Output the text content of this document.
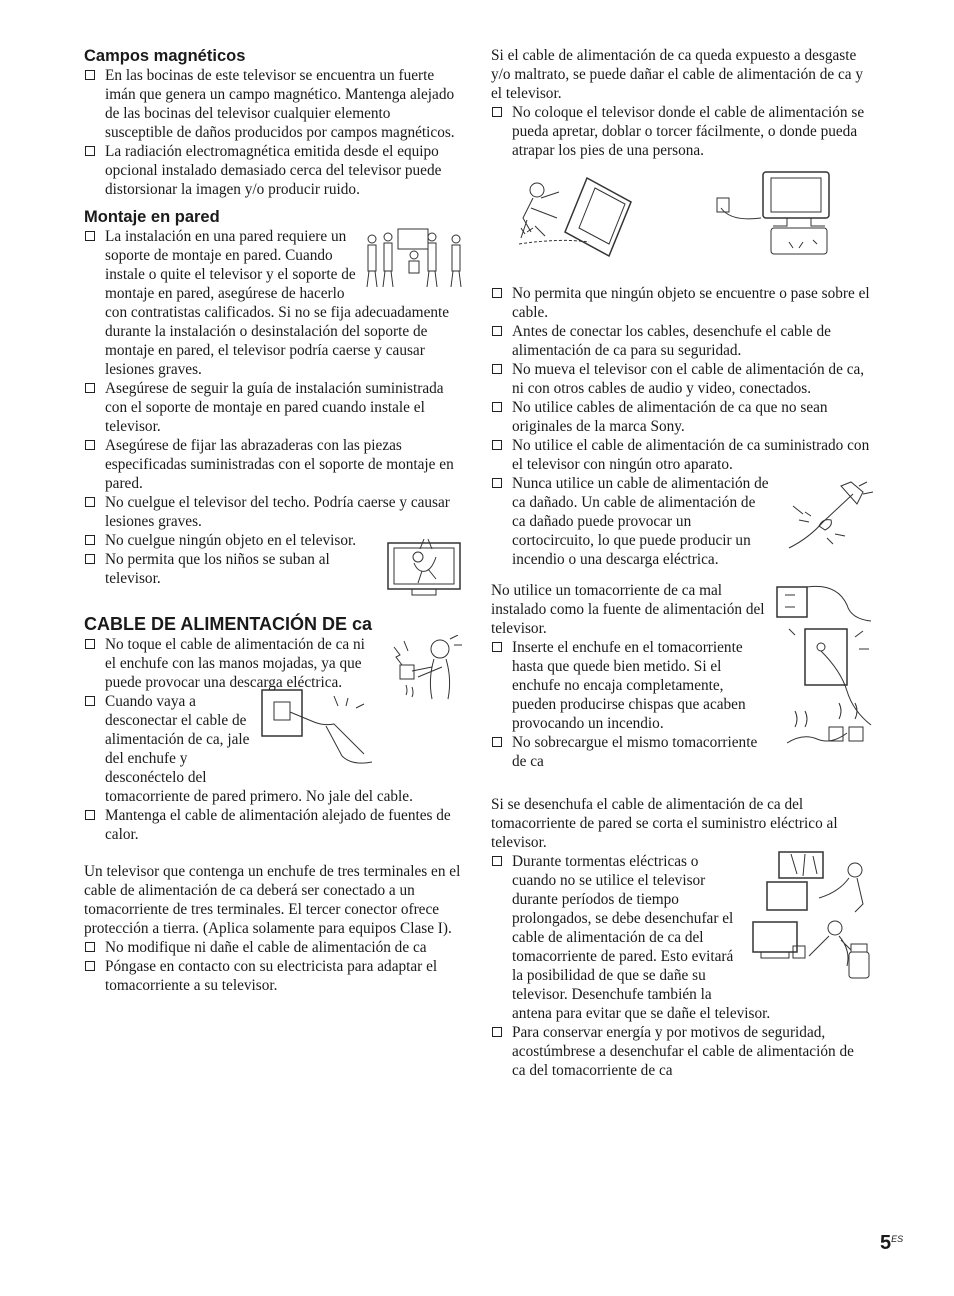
Campos magnéticos
En las bocinas de este televisor se encuentra un fuerte imán que genera un campo magnético. Mantenga alejado de las bocinas del televisor cualquier elemento susceptible de daños producidos por campos magnéticos.
La radiación electromagnética emitida desde el equipo opcional instalado demasiado cerca del televisor puede distorsionar la imagen y/o producir ruido.
Montaje en pared
La instalación en una pared requiere un soporte de montaje en pared. Cuando instale o quite el televisor y el soporte de montaje en pared, asegúrese de hacerlo con contratistas calificados. Si no se fija adecuadamente durante la instalación o desinstalación del soporte de montaje en pared, el televisor podría caerse y causar lesiones graves.
Asegúrese de seguir la guía de instalación suministrada con el soporte de montaje en pared cuando instale el televisor.
Asegúrese de fijar las abrazaderas con las piezas especificadas suministradas con el soporte de montaje en pared.
No cuelgue el televisor del techo. Podría caerse y causar lesiones graves.
No cuelgue ningún objeto en el televisor.
No permita que los niños se suban al televisor.
CABLE DE ALIMENTACIÓN DE ca
No toque el cable de alimentación de ca ni el enchufe con las manos mojadas, ya que puede provocar una descarga eléctrica.
Cuando vaya a desconectar el cable de alimentación de ca, jale del enchufe y desconéctelo del tomacorriente de pared primero. No jale del cable.
Mantenga el cable de alimentación alejado de fuentes de calor.

Un televisor que contenga un enchufe de tres terminales en el cable de alimentación de ca deberá ser conectado a un tomacorriente de tres terminales. El tercer conector ofrece protección a tierra. (Aplica solamente para equipos Clase I).

No modifique ni dañe el cable de alimentación de ca
Póngase en contacto con su electricista para adaptar el tomacorriente a su televisor.

Si el cable de alimentación de ca queda expuesto a desgaste y/o maltrato, se puede dañar el cable de alimentación de ca y el televisor.

No coloque el televisor donde el cable de alimentación se pueda apretar, doblar o torcer fácilmente, o donde pueda atrapar los pies de una persona.
No permita que ningún objeto se encuentre o pase sobre el cable.
Antes de conectar los cables, desenchufe el cable de alimentación de ca para su seguridad.
No mueva el televisor con el cable de alimentación de ca, ni con otros cables de audio y video, conectados.
No utilice cables de alimentación de ca que no sean originales de la marca Sony.
No utilice el cable de alimentación de ca suministrado con el televisor con ningún otro aparato.
Nunca utilice un cable de alimentación de ca dañado. Un cable de alimentación de ca dañado puede provocar un cortocircuito, lo que puede producir un incendio o una descarga eléctrica.

No utilice un tomacorriente de ca mal instalado como la fuente de alimentación del televisor.

Inserte el enchufe en el tomacorriente hasta que quede bien metido. Si el enchufe no encaja completamente, pueden producirse chispas que acaben provocando un incendio.
No sobrecargue el mismo tomacorriente de ca

Si se desenchufa el cable de alimentación de ca del tomacorriente de pared se corta el suministro eléctrico al televisor.

Durante tormentas eléctricas o cuando no se utilice el televisor durante períodos de tiempo prolongados, se debe desenchufar el cable de alimentación de ca del tomacorriente de pared. Esto evitará la posibilidad de que se dañe su televisor. Desenchufe también la antena para evitar que se dañe el televisor.
Para conservar energía y por motivos de seguridad, acostúmbrese a desenchufar el cable de alimentación de ca del tomacorriente de ca
$5^{ES}$
